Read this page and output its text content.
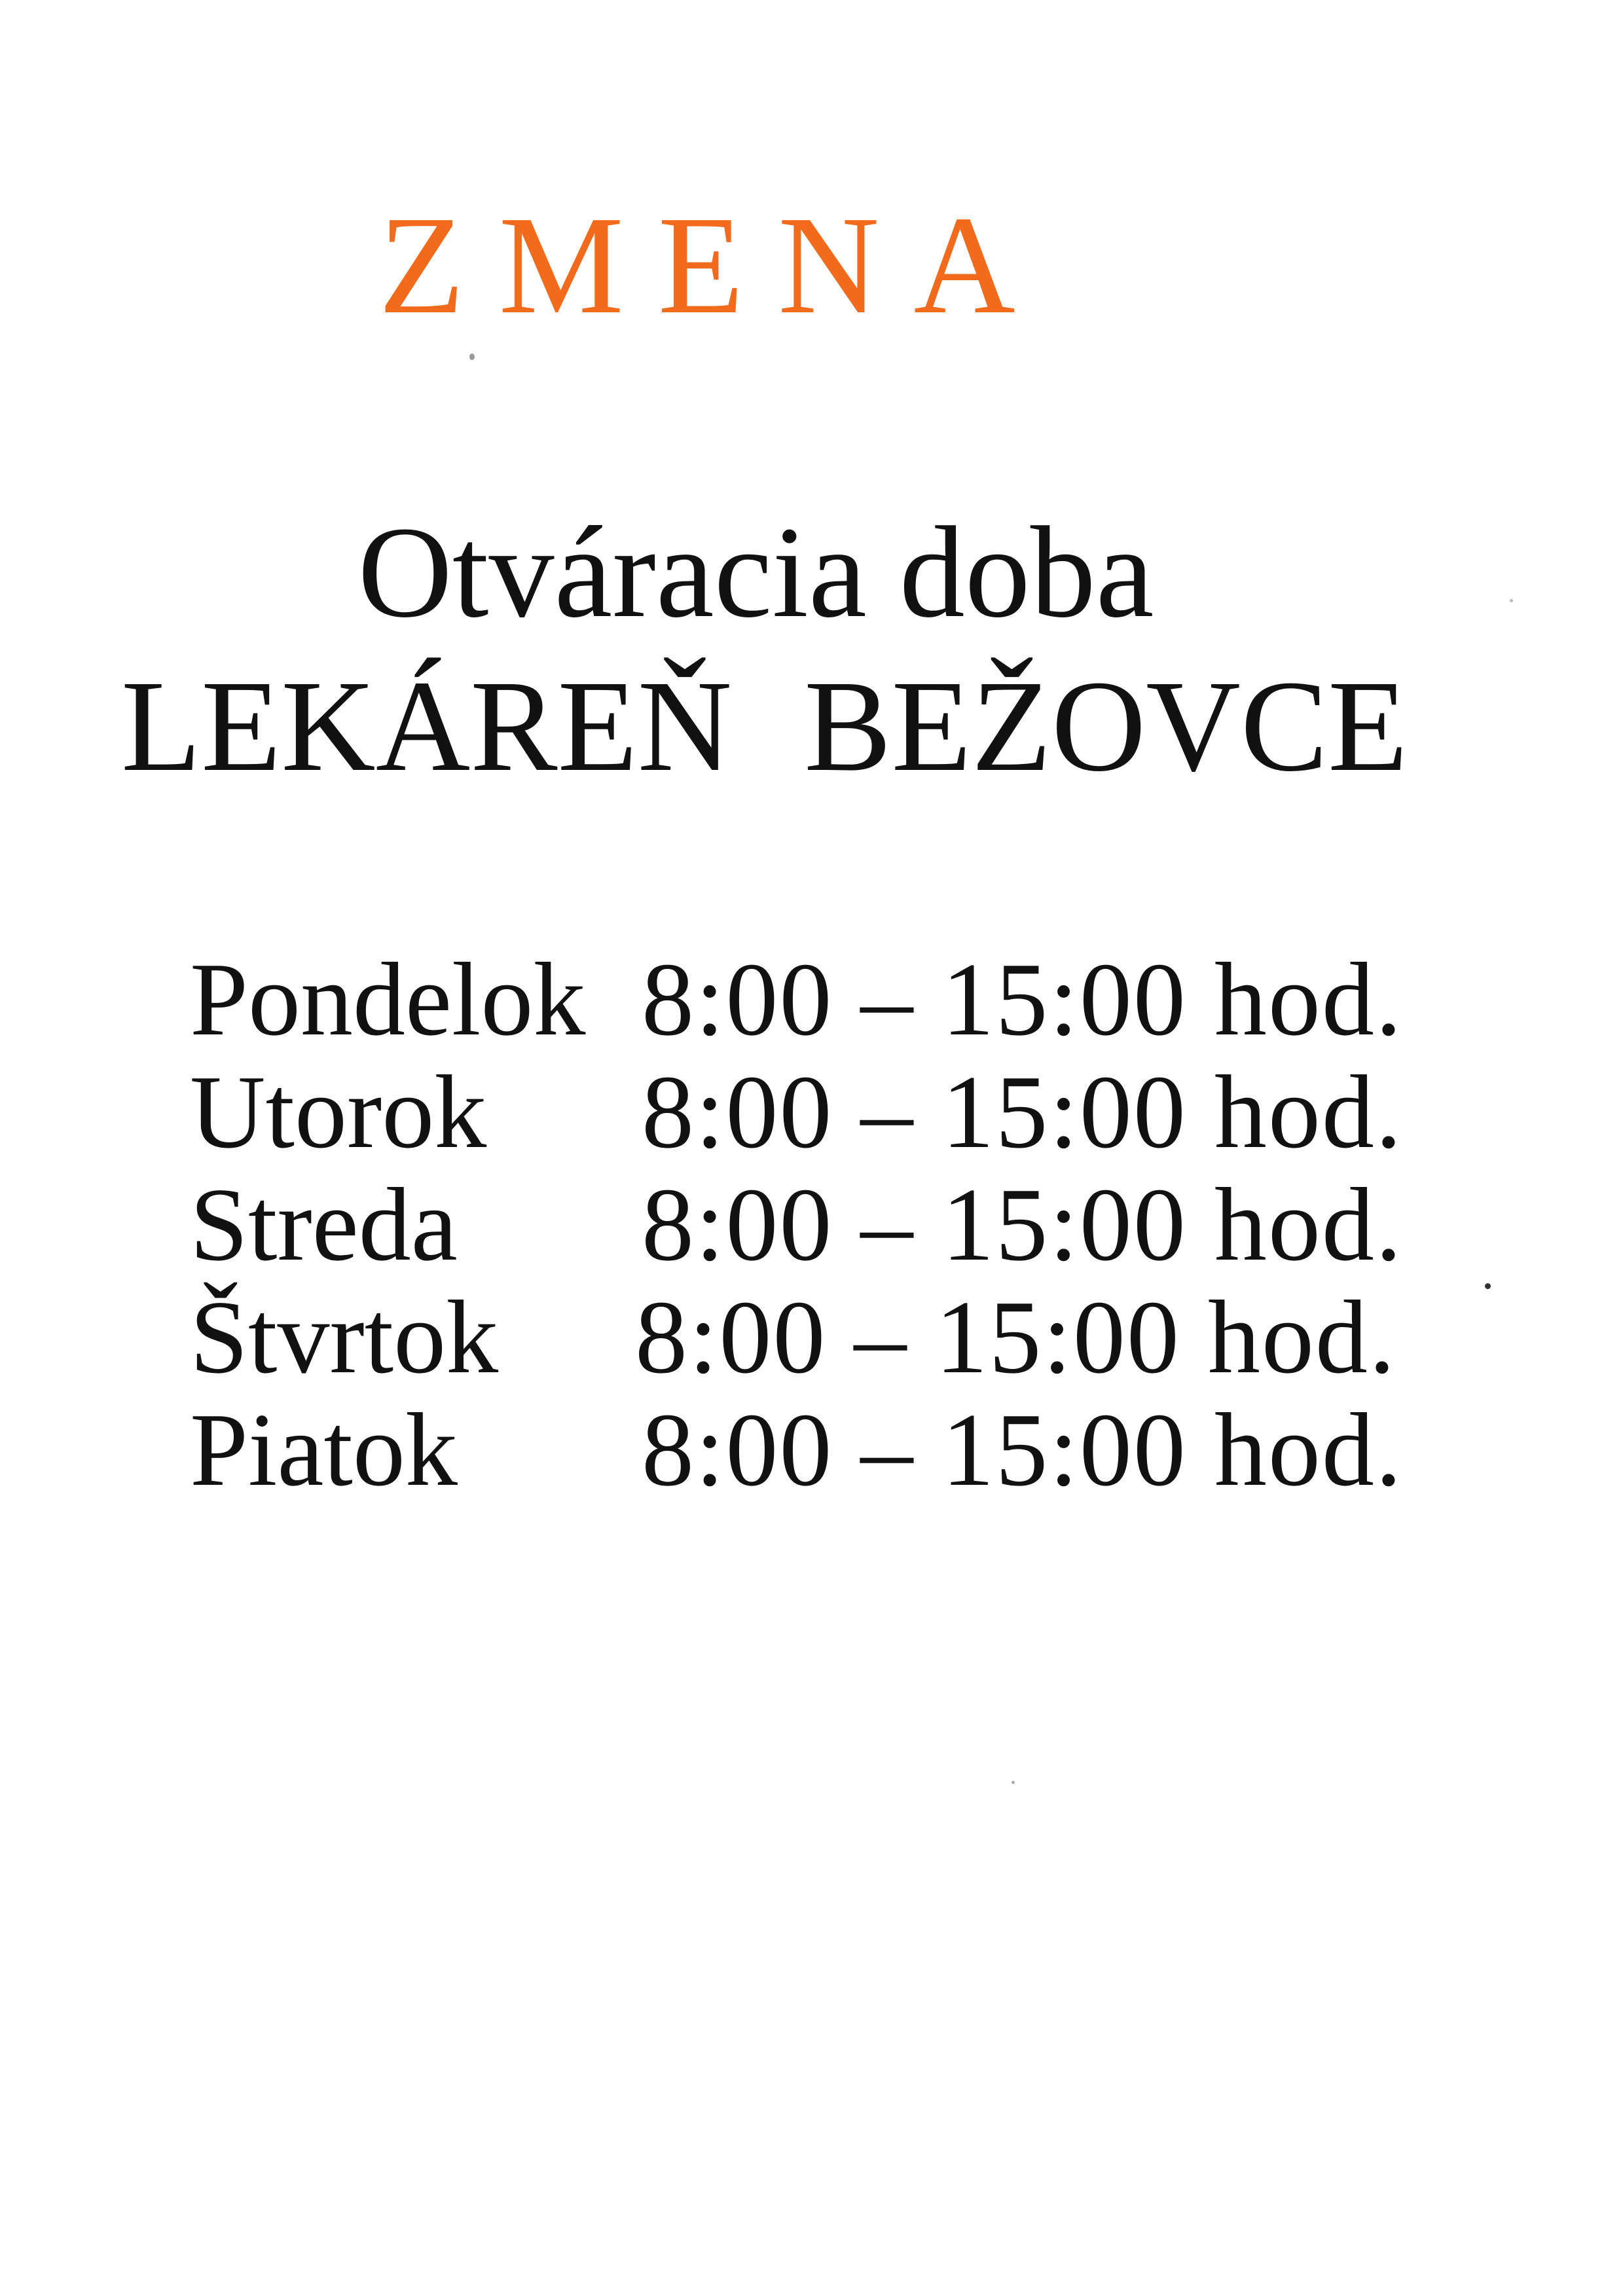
ZMENA
Otváracia doba
LEKÁREŇ BEŽOVCE
Pondelok 8:00 – 15:00 hod.
Utorok 8:00 – 15:00 hod.
Streda 8:00 – 15:00 hod.
Štvrtok 8:00 – 15:00 hod.
Piatok 8:00 – 15:00 hod.
